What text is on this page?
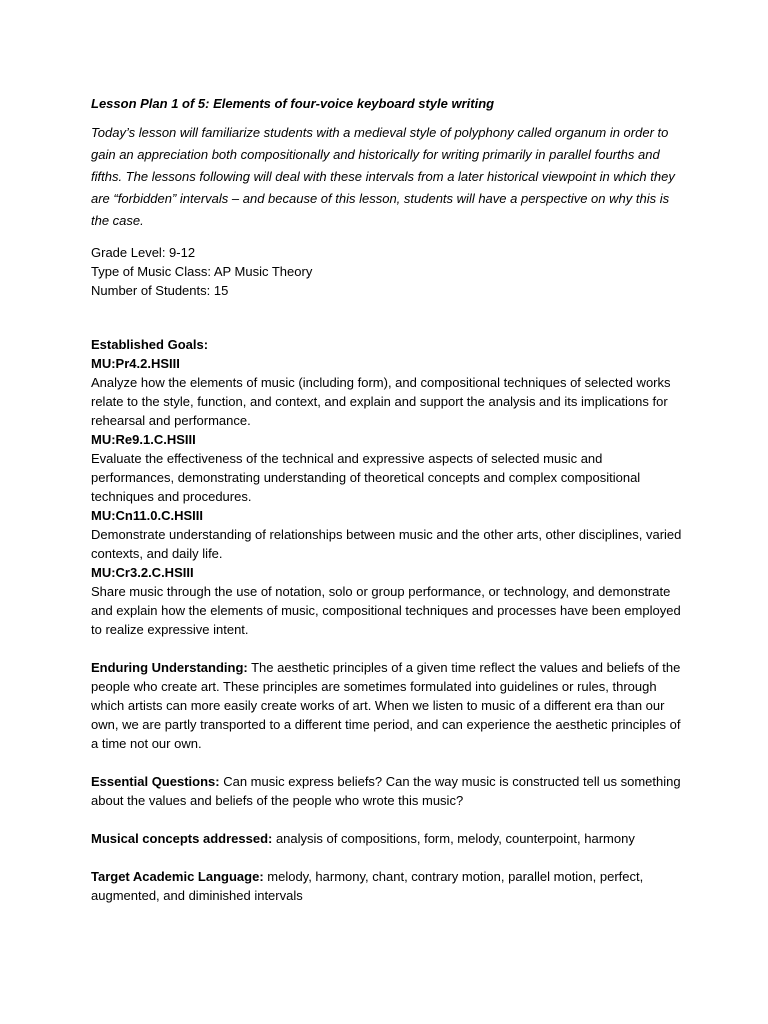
Lesson Plan 1 of 5: Elements of four-voice keyboard style writing

Today’s lesson will familiarize students with a medieval style of polyphony called organum in order to gain an appreciation both compositionally and historically for writing primarily in parallel fourths and fifths. The lessons following will deal with these intervals from a later historical viewpoint in which they are “forbidden” intervals – and because of this lesson, students will have a perspective on why this is the case.

Grade Level: 9-12

Type of Music Class: AP Music Theory

Number of Students: 15

Established Goals:

MU:Pr4.2.HSIII

Analyze how the elements of music (including form), and compositional techniques of selected works relate to the style, function, and context, and explain and support the analysis and its implications for rehearsal and performance.

MU:Re9.1.C.HSIII

Evaluate the effectiveness of the technical and expressive aspects of selected music and performances, demonstrating understanding of theoretical concepts and complex compositional techniques and procedures.

MU:Cn11.0.C.HSIII

Demonstrate understanding of relationships between music and the other arts, other disciplines, varied contexts, and daily life.

MU:Cr3.2.C.HSIII

Share music through the use of notation, solo or group performance, or technology, and demonstrate and explain how the elements of music, compositional techniques and processes have been employed to realize expressive intent.

Enduring Understanding: The aesthetic principles of a given time reflect the values and beliefs of the people who create art. These principles are sometimes formulated into guidelines or rules, through which artists can more easily create works of art. When we listen to music of a different era than our own, we are partly transported to a different time period, and can experience the aesthetic principles of a time not our own.

Essential Questions: Can music express beliefs? Can the way music is constructed tell us something about the values and beliefs of the people who wrote this music?

Musical concepts addressed: analysis of compositions, form, melody, counterpoint, harmony

Target Academic Language: melody, harmony, chant, contrary motion, parallel motion, perfect, augmented, and diminished intervals
